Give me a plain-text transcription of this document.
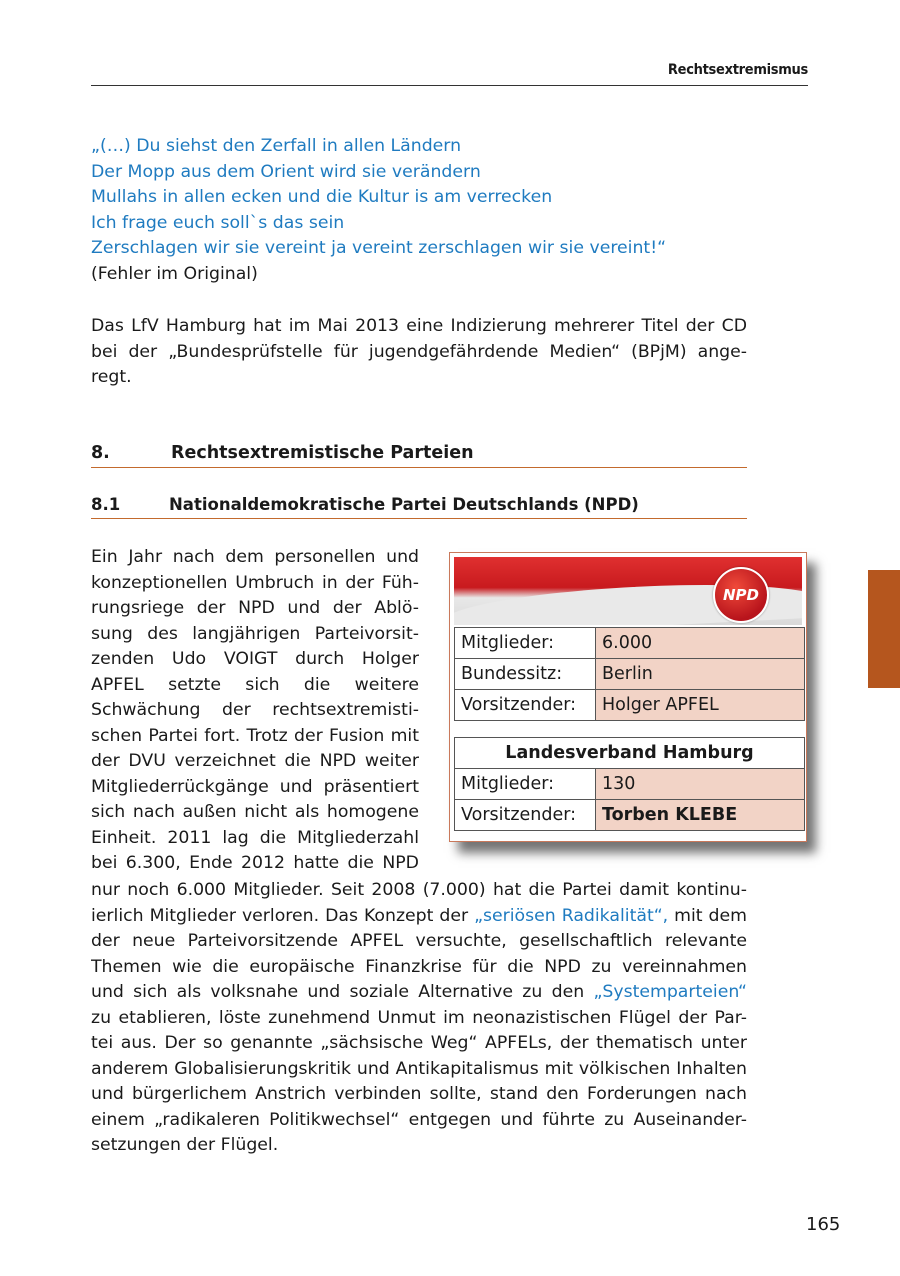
Rechtsextremismus
„(…) Du siehst den Zerfall in allen Ländern
Der Mopp aus dem Orient wird sie verändern
Mullahs in allen ecken und die Kultur is am verrecken
Ich frage euch soll`s das sein
Zerschlagen wir sie vereint ja vereint zerschlagen wir sie vereint!“
(Fehler im Original)
Das LfV Hamburg hat im Mai 2013 eine Indizierung mehrerer Titel der CD
bei der „Bundesprüfstelle für jugendgefährdende Medien“ (BPjM) ange-
regt.
8.	Rechtsextremistische Parteien
8.1	Nationaldemokratische Partei Deutschlands (NPD)
Ein Jahr nach dem personellen und
konzeptionellen Umbruch in der Füh-
rungsriege der NPD und der Ablö-
sung des langjährigen Parteivorsit-
zenden Udo VOIGT durch Holger
APFEL setzte sich die weitere
Schwächung der rechtsextremisti-
schen Partei fort. Trotz der Fusion mit
der DVU verzeichnet die NPD weiter
Mitgliederrückgänge und präsentiert
sich nach außen nicht als homogene
Einheit. 2011 lag die Mitgliederzahl
bei 6.300, Ende 2012 hatte die NPD
nur noch 6.000 Mitglieder. Seit 2008 (7.000) hat die Partei damit kontinu-
ierlich Mitglieder verloren. Das Konzept der „seriösen Radikalität“, mit dem
der neue Parteivorsitzende APFEL versuchte, gesellschaftlich relevante
Themen wie die europäische Finanzkrise für die NPD zu vereinnahmen
und sich als volksnahe und soziale Alternative zu den „Systemparteien“
zu etablieren, löste zunehmend Unmut im neonazistischen Flügel der Par-
tei aus. Der so genannte „sächsische Weg“ APFELs, der thematisch unter
anderem Globalisierungskritik und Antikapitalismus mit völkischen Inhalten
und bürgerlichem Anstrich verbinden sollte, stand den Forderungen nach
einem „radikaleren Politikwechsel“ entgegen und führte zu Auseinander-
setzungen der Flügel.
NPD
Mitglieder:	6.000
Bundessitz:	Berlin
Vorsitzender:	Holger APFEL

Landesverband Hamburg	
Mitglieder:	130
Vorsitzender:	Torben KLEBE
165
